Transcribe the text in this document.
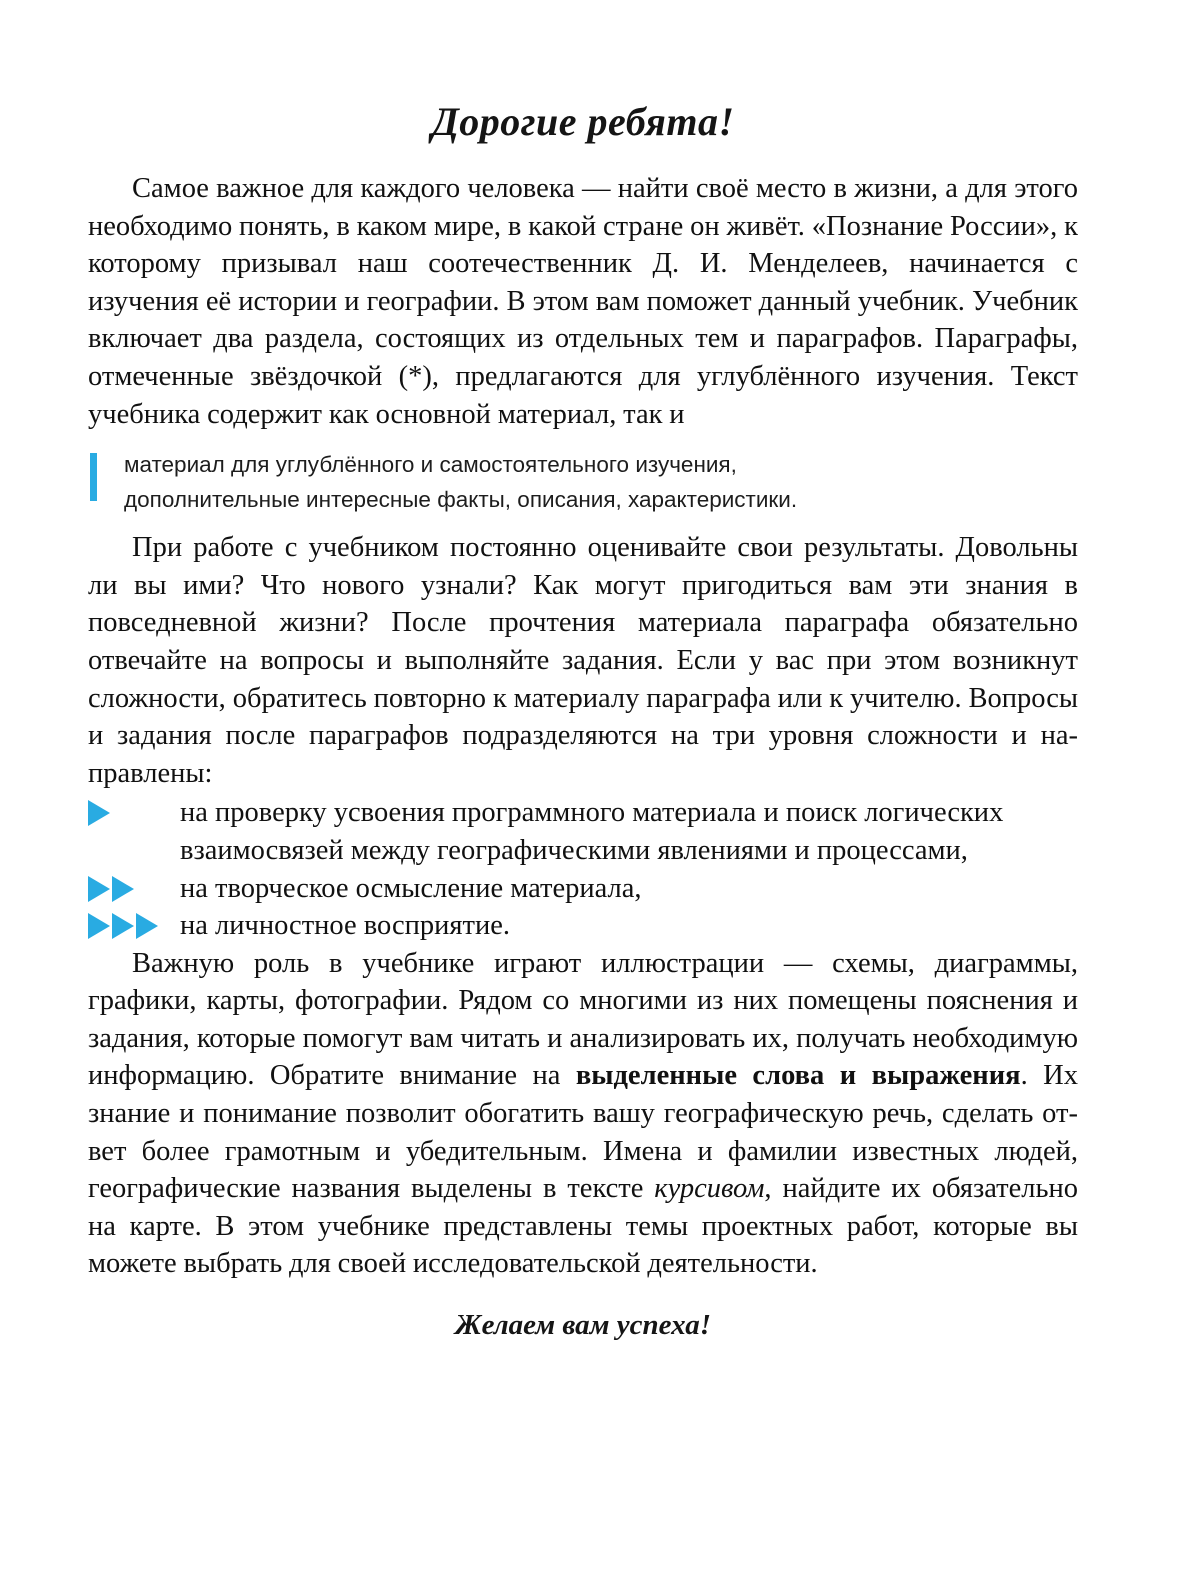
Дорогие ребята!

Самое важное для каждого человека — найти своё место в жизни, а для этого необходимо понять, в каком мире, в какой стране он живёт. «Познание России», к которому призывал наш соотечественник Д. И. Менделеев, начинается с изучения её истории и географии. В этом вам поможет данный учебник. Учебник включает два раздела, состоящих из отдельных тем и параграфов. Параграфы, отмеченные звёздочкой (*), предлагаются для углублённого изучения. Текст учебника содержит как основной материал, так и

материал для углублённого и самостоятельного изучения,
дополнительные интересные факты, описания, характеристики.

При работе с учебником постоянно оценивайте свои результаты. Довольны ли вы ими? Что нового узнали? Как могут пригодиться вам эти знания в повседневной жизни? После прочтения материала параграфа обязательно отвечайте на вопросы и выполняйте задания. Если у вас при этом возникнут сложности, обратитесь повторно к материалу параграфа или к учителю. Вопросы и задания после параграфов подразделяются на три уровня сложности и направлены:

на проверку усвоения программного материала и поиск логических взаимосвязей между географическими явлениями и процессами,
на творческое осмысление материала,
на личностное восприятие.

Важную роль в учебнике играют иллюстрации — схемы, диаграммы, графики, карты, фотографии. Рядом со многими из них помещены пояснения и задания, которые помогут вам читать и анализировать их, получать необходимую информацию. Обратите внимание на выделенные слова и выражения. Их знание и понимание позволит обогатить вашу географическую речь, сделать ответ более грамотным и убедительным. Имена и фамилии известных людей, географические названия выделены в тексте курсивом, найдите их обязательно на карте. В этом учебнике представлены темы проектных работ, которые вы можете выбрать для своей исследовательской деятельности.

Желаем вам успеха!
